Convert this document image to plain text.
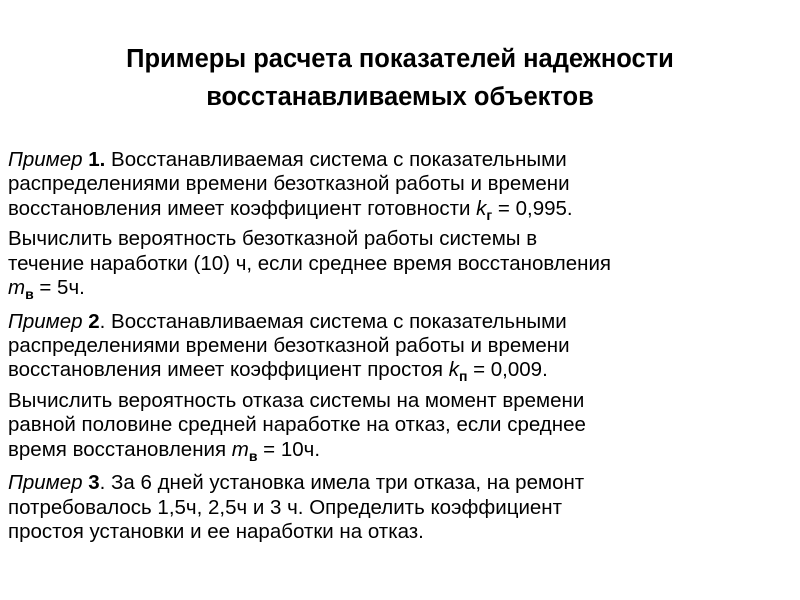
Примеры расчета показателей надежности
восстанавливаемых объектов
Пример 1. Восстанавливаемая система с показательными
распределениями времени безотказной работы и времени
восстановления имеет коэффициент готовности $k_г = 0,995$.
Вычислить вероятность безотказной работы системы в
течение наработки (10) ч, если среднее время восстановления
$т_в = 5ч$.
Пример 2. Восстанавливаемая система с показательными
распределениями времени безотказной работы и времени
восстановления имеет коэффициент простоя $k_п = 0,009$.
Вычислить вероятность отказа системы на момент времени
равной половине средней наработке на отказ, если среднее
время восстановления $т_в = 10ч$.
Пример 3. За 6 дней установка имела три отказа, на ремонт
потребовалось 1,5ч, 2,5ч и 3 ч. Определить коэффициент
простоя установки и ее наработки на отказ.
